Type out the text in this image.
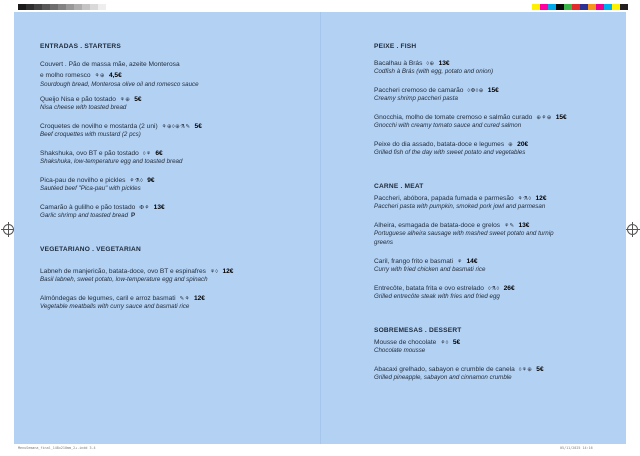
ENTRADAS . STARTERS
Couvert . Pão de massa mãe, azeite Monterosa
e molho romesco ⚘⊕ 4,5€
Sourdough bread, Monterosa olive oil and romesco sauce
Queijo Nisa e pão tostado ⚘⊕ 5€
Nisa cheese with toasted bread
Croquetes de novilho e mostarda (2 uni) ⚘⊕◊⊕⚗✎ 5€
Beef croquettes with mustard (2 pcs)
Shakshuka, ovo BT e pão tostado ◊⚘ 6€
Shakshuka, low-temperature egg and toasted bread
Pica-pau de novilho e pickles ⚘⚗◊ 9€
Sautéed beef "Pica-pau" with pickles
Camarão à gulilho e pão tostado ✠⚘ 13€
Garlic shrimp and toasted bread P
VEGETARIANO . VEGETARIAN
Labneh de manjericão, batata-doce, ovo BT e espinafres ⚘◊ 12€
Basil labneh, sweet potato, low-temperature egg and spinach
Almôndegas de legumes, caril e arroz basmati ✎⚘ 12€
Vegetable meatballs with curry sauce and basmati rice
PEIXE . FISH
Bacalhau à Brás ◊⊕ 13€
Codfish à Brás (with egg, potato and onion)
Paccheri cremoso de camarão ◊✠◊⊕ 15€
Creamy shrimp paccheri pasta
Gnocchia, molho de tomate cremoso e salmão curado ⊕⚘⊕ 15€
Gnocchi with creamy tomato sauce and cured salmon
Peixe do dia assado, batata-doce e legumes ⊕ 20€
Grilled fish of the day with sweet potato and vegetables
CARNE . MEAT
Paccheri, abóbora, papada fumada e parmesão ⚘⚗◊ 12€
Paccheri pasta with pumpkin, smoked pork jowl and parmesan
Alheira, esmagada de batata-doce e grelos ⚘✎ 13€
Portuguese alheira sausage with mashed sweet potato and turnip greens
Caril, frango frito e basmati ⚘ 14€
Curry with fried chicken and basmati rice
Entrecôte, batata frita e ovo estrelado ◊⚗◊ 26€
Grilled entrecôte steak with fries and fried egg
SOBREMESAS . DESSERT
Mousse de chocolate ⚘◊ 5€
Chocolate mousse
Abacaxi grelhado, sabayon e crumble de canela ◊⚘⊕ 5€
Grilled pineapple, sabayon and cinnamon crumble
MenuSemana_final_148x210mm_2+.indd 3-4	05/11/2025 14:16
